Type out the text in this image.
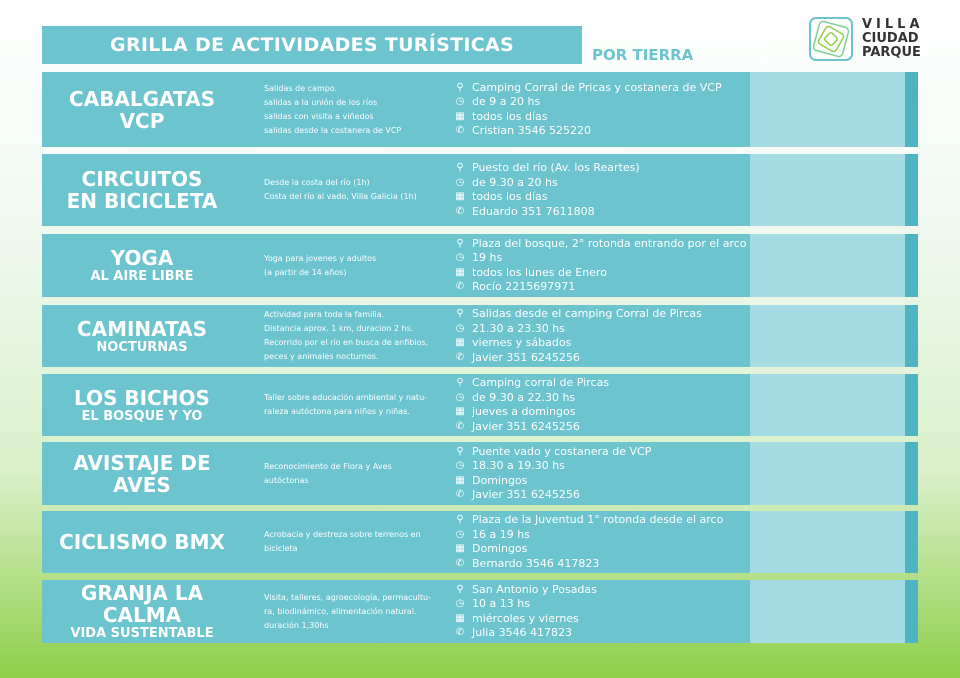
GRILLA DE ACTIVIDADES TURÍSTICAS	POR TIERRA
VILLA
CIUDAD
PARQUE
CABALGATAS
VCP
Salidas de campo.
salidas a la unión de los ríos
salidas con visita a viñedos
salidas desde la costanera de VCP
⚲ Camping Corral de Pricas y costanera de VCP
◷ de 9 a 20 hs
▦ todos los días
✆ Cristian 3546 525220
CIRCUITOS
EN BICICLETA
Desde la costa del río (1h)
Costa del río al vado, Villa Galicia (1h)
⚲ Puesto del río (Av. los Reartes)
◷ de 9.30 a 20 hs
▦ todos los días
✆ Eduardo 351 7611808
YOGA
AL AIRE LIBRE
Yoga para jovenes y adultos
(a partir de 14 años)
⚲ Plaza del bosque, 2° rotonda entrando por el arco
◷ 19 hs
▦ todos los lunes de Enero
✆ Rocío 2215697971
CAMINATAS
NOCTURNAS
Actividad para toda la familia.
Distancia aprox. 1 km, duracion 2 hs.
Recorrido por el río en busca de anfibios,
peces y animales nocturnos.
⚲ Salidas desde el camping Corral de Pircas
◷ 21.30 a 23.30 hs
▦ viernes y sábados
✆ Javier 351 6245256
LOS BICHOS
EL BOSQUE Y YO
Taller sobre educación ambiental y natu-
raleza autóctona para niños y niñas.
⚲ Camping corral de Pircas
◷ de 9.30 a 22.30 hs
▦ jueves a domingos
✆ Javier 351 6245256
AVISTAJE DE AVES
Reconocimiento de Flora y Aves
autóctonas
⚲ Puente vado y costanera de VCP
◷ 18.30 a 19.30 hs
▦ Domingos
✆ Javier 351 6245256
CICLISMO BMX	Acrobacia y destreza sobre terrenos en
bicicleta
⚲ Plaza de la Juventud 1° rotonda desde el arco
◷ 16 a 19 hs
▦ Domingos
✆ Bernardo 3546 417823
GRANJA LA CALMA
VIDA SUSTENTABLE
Visita, talleres, agroecología, permacultu-
ra, biodinámico, alimentación natural.
duración 1,30hs
⚲ San Antonio y Posadas
◷ 10 a 13 hs
▦ miércoles y viernes
✆ Julia 3546 417823
